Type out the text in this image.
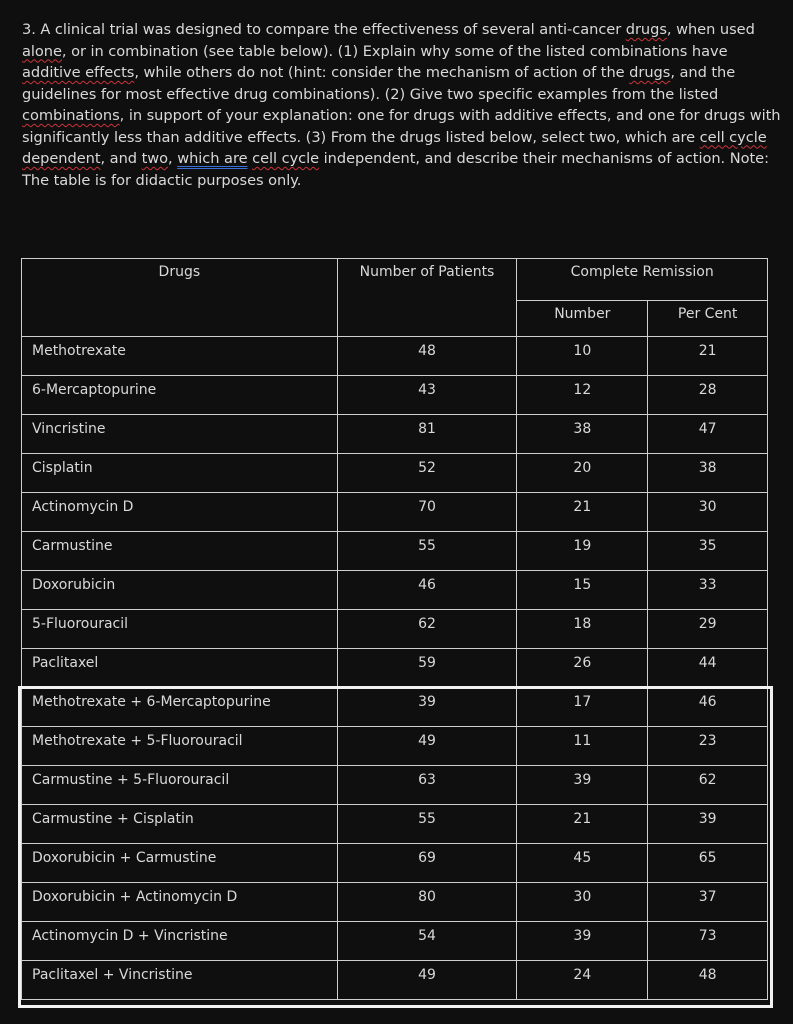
3. A clinical trial was designed to compare the effectiveness of several anti-cancer drugs, when used alone, or in combination (see table below). (1) Explain why some of the listed combinations have additive effects, while others do not (hint: consider the mechanism of action of the drugs, and the guidelines for most effective drug combinations). (2) Give two specific examples from the listed combinations, in support of your explanation: one for drugs with additive effects, and one for drugs with significantly less than additive effects. (3) From the drugs listed below, select two, which are cell cycle dependent, and two, which are cell cycle independent, and describe their mechanisms of action. Note: The table is for didactic purposes only.

Drugs	Number of Patients	Complete Remission	
		Number	Per Cent
Methotrexate	48	10	21
6-Mercaptopurine	43	12	28
Vincristine	81	38	47
Cisplatin	52	20	38
Actinomycin D	70	21	30
Carmustine	55	19	35
Doxorubicin	46	15	33
5-Fluorouracil	62	18	29
Paclitaxel	59	26	44
Methotrexate + 6-Mercaptopurine	39	17	46
Methotrexate + 5-Fluorouracil	49	11	23
Carmustine + 5-Fluorouracil	63	39	62
Carmustine + Cisplatin	55	21	39
Doxorubicin + Carmustine	69	45	65
Doxorubicin + Actinomycin D	80	30	37
Actinomycin D + Vincristine	54	39	73
Paclitaxel + Vincristine	49	24	48
